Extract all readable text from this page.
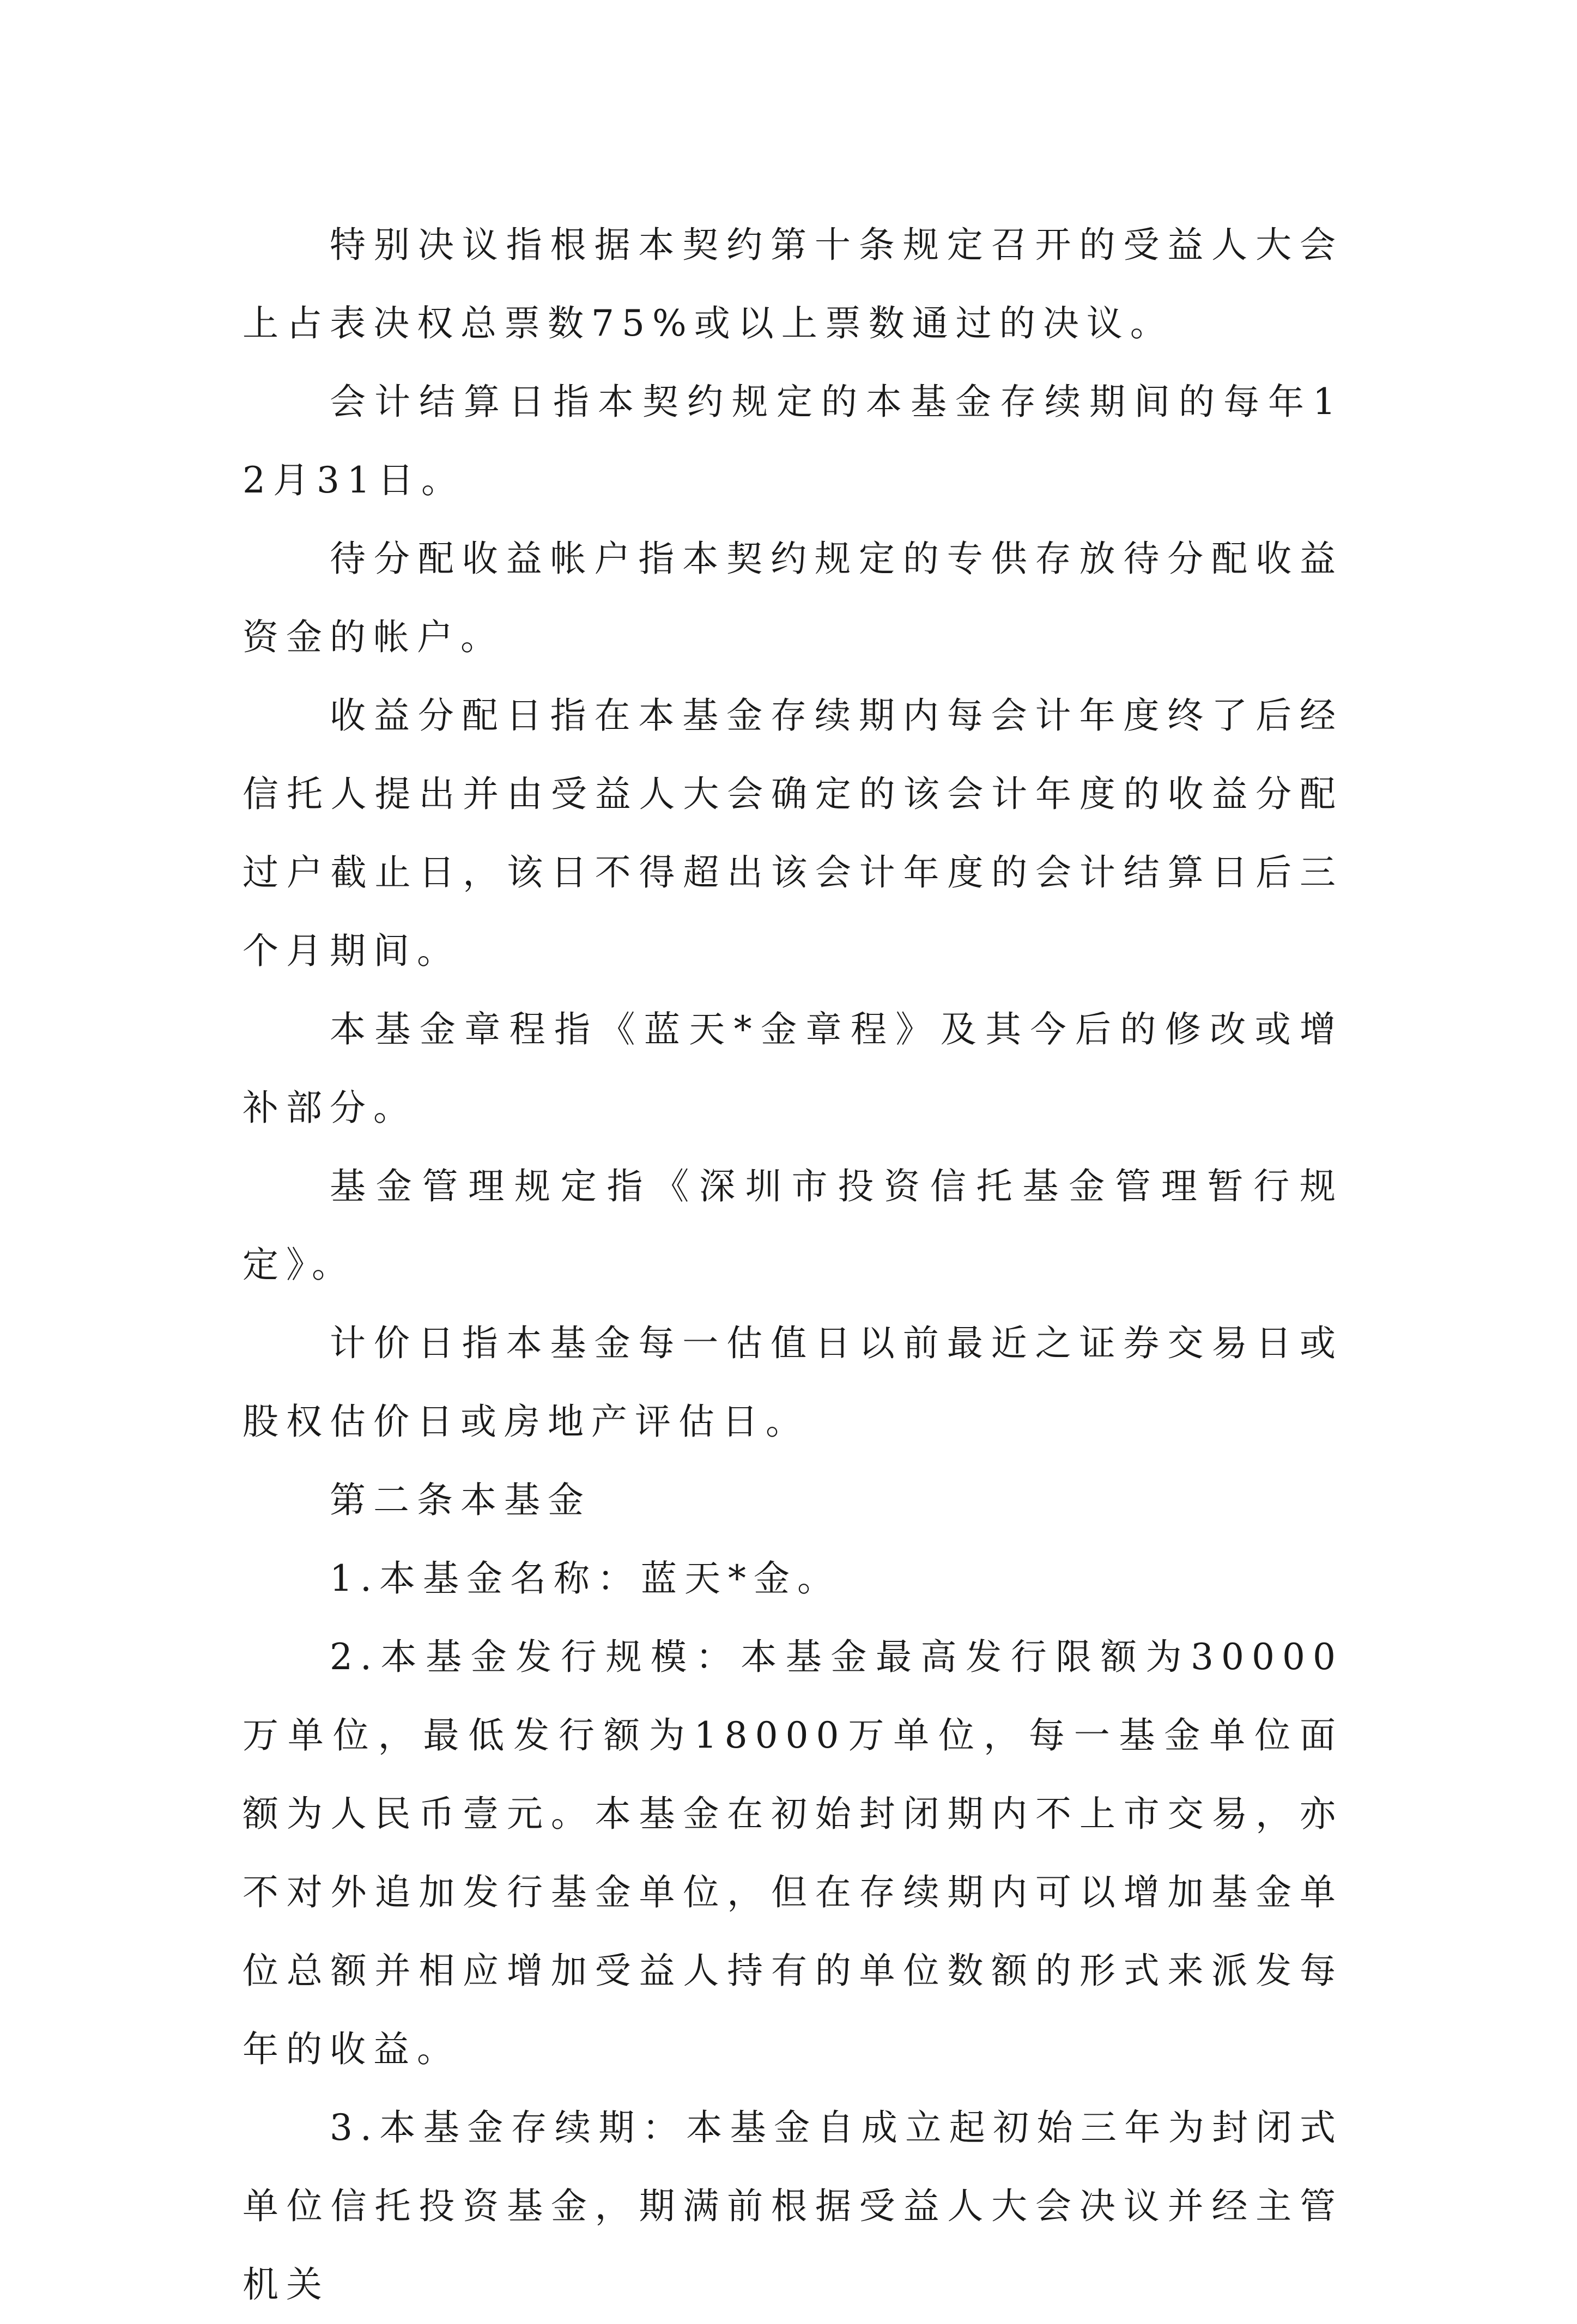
特别决议指根据本契约第十条规定召开的受益人大会上占表决权总票数75%或以上票数通过的决议。

会计结算日指本契约规定的本基金存续期间的每年12月31日。

待分配收益帐户指本契约规定的专供存放待分配收益资金的帐户。

收益分配日指在本基金存续期内每会计年度终了后经信托人提出并由受益人大会确定的该会计年度的收益分配过户截止日，该日不得超出该会计年度的会计结算日后三个月期间。

本基金章程指《蓝天*金章程》及其今后的修改或增补部分。

基金管理规定指《深圳市投资信托基金管理暂行规定》。

计价日指本基金每一估值日以前最近之证券交易日或股权估价日或房地产评估日。

第二条本基金

1.本基金名称：蓝天*金。

2.本基金发行规模：本基金最高发行限额为30000万单位，最低发行额为18000万单位，每一基金单位面额为人民币壹元。本基金在初始封闭期内不上市交易，亦不对外追加发行基金单位，但在存续期内可以增加基金单位总额并相应增加受益人持有的单位数额的形式来派发每年的收益。

3.本基金存续期：本基金自成立起初始三年为封闭式单位信托投资基金，期满前根据受益人大会决议并经主管机关
